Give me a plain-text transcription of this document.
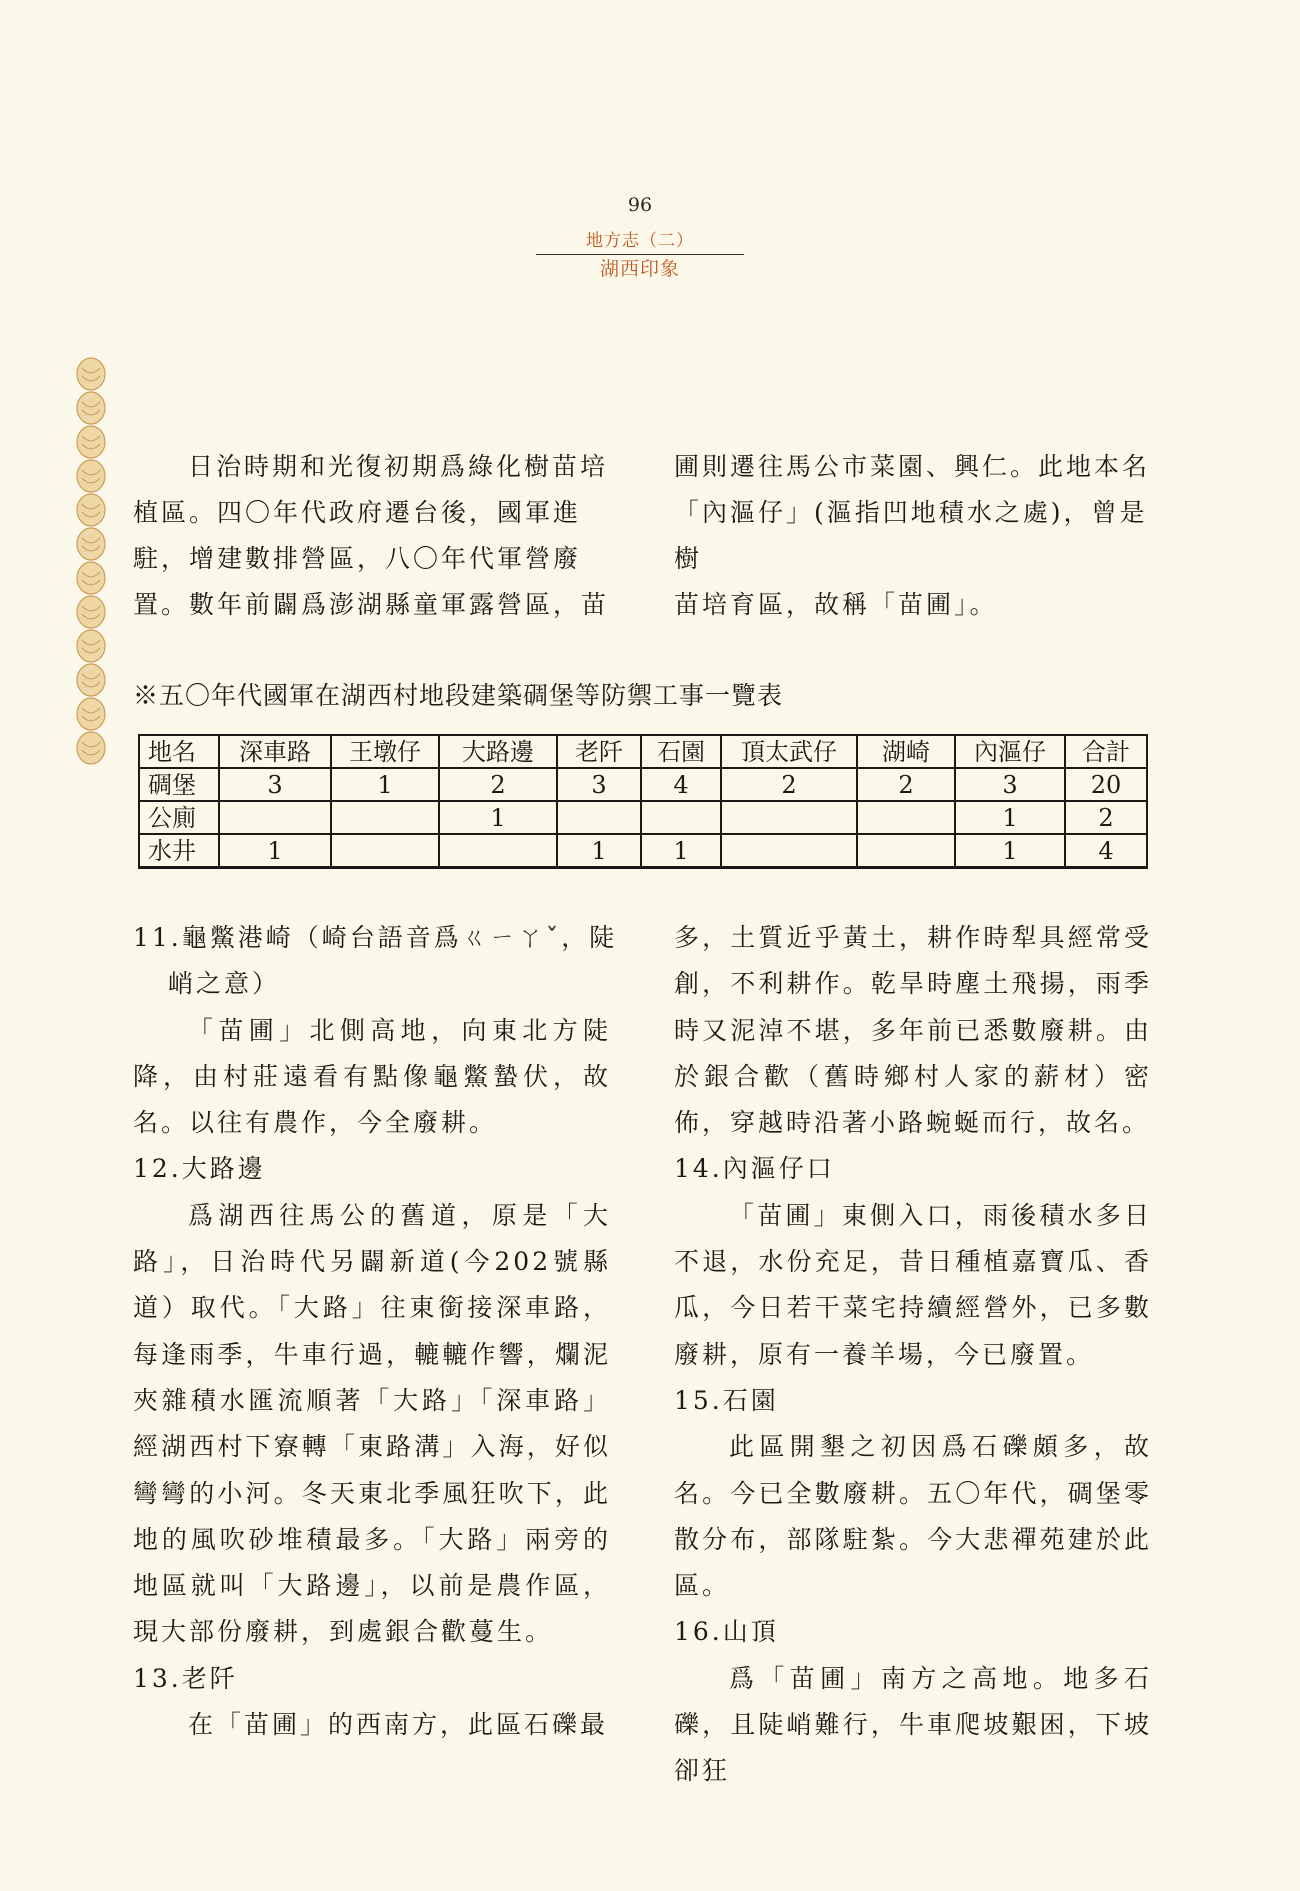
96
地方志（二）
湖西印象

日治時期和光復初期爲綠化樹苗培

植區。四〇年代政府遷台後，國軍進

駐，增建數排營區，八〇年代軍營廢

置。數年前闢爲澎湖縣童軍露營區，苗

圃則遷往馬公市菜園、興仁。此地本名

「內漚仔」(漚指凹地積水之處)，曾是樹

苗培育區，故稱「苗圃」。

※五〇年代國軍在湖西村地段建築碉堡等防禦工事一覽表
地名	深車路	王墩仔	大路邊	老阡	石園	頂太武仔	湖崎	內漚仔	合計
碉堡	3	1	2	3	4	2	2	3	20
公廁			1					1	2
水井	1			1	1			1	4

11.龜鱉港崎（崎台語音爲ㄍㄧㄚˇ，陡

峭之意）

「苗圃」北側高地，向東北方陡降，由村莊遠看有點像龜鱉蟄伏，故名。以往有農作，今全廢耕。

12.大路邊

爲湖西往馬公的舊道，原是「大路」，日治時代另闢新道(今202號縣道）取代。「大路」往東銜接深車路，每逢雨季，牛車行過，轆轆作響，爛泥夾雜積水匯流順著「大路」「深車路」經湖西村下寮轉「東路溝」入海，好似彎彎的小河。冬天東北季風狂吹下，此地的風吹砂堆積最多。「大路」兩旁的地區就叫「大路邊」，以前是農作區，現大部份廢耕，到處銀合歡蔓生。

13.老阡

在「苗圃」的西南方，此區石礫最

多，土質近乎黃土，耕作時犁具經常受創，不利耕作。乾旱時塵土飛揚，雨季時又泥淖不堪，多年前已悉數廢耕。由於銀合歡（舊時鄉村人家的薪材）密佈，穿越時沿著小路蜿蜒而行，故名。

14.內漚仔口

「苗圃」東側入口，雨後積水多日不退，水份充足，昔日種植嘉寶瓜、香瓜，今日若干菜宅持續經營外，已多數廢耕，原有一養羊場，今已廢置。

15.石園

此區開墾之初因爲石礫頗多，故名。今已全數廢耕。五〇年代，碉堡零散分布，部隊駐紮。今大悲禪苑建於此區。

16.山頂

爲「苗圃」南方之高地。地多石礫，且陡峭難行，牛車爬坡艱困，下坡卻狂
